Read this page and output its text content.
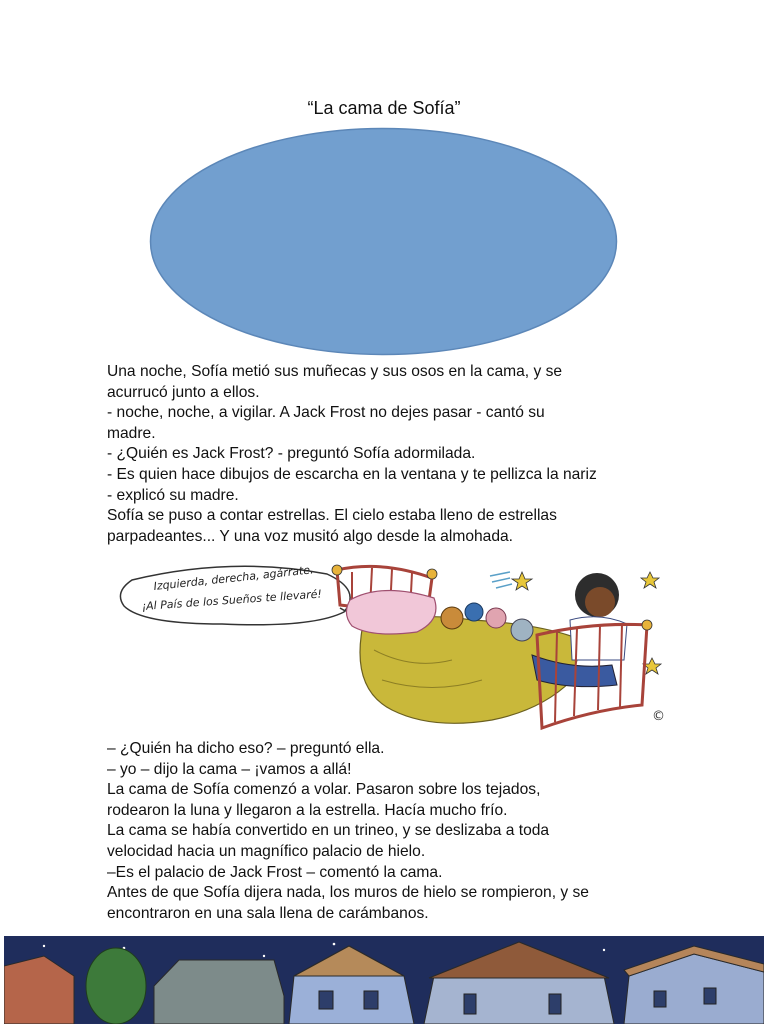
“La cama de Sofía”
Una noche, Sofía metió sus muñecas y sus osos en la cama, y se
acurrucó junto a ellos.
- noche, noche, a vigilar. A Jack Frost no dejes pasar - cantó su
madre.
- ¿Quién es Jack Frost? - preguntó Sofía adormilada.
- Es quien hace dibujos de escarcha en la ventana y te pellizca la nariz
- explicó su madre.
Sofía se puso a contar estrellas. El cielo estaba lleno de estrellas
parpadeantes... Y una voz musitó algo desde la almohada.
Izquierda, derecha, agárrate.
¡Al País de los Sueños te llevaré!
©
– ¿Quién ha dicho eso? – preguntó ella.
– yo – dijo la cama – ¡vamos a allá!
La cama de Sofía comenzó a volar. Pasaron sobre los tejados,
rodearon la luna y llegaron a la estrella. Hacía mucho frío.
La cama se había convertido en un trineo, y se deslizaba a toda
velocidad hacia un magnífico palacio de hielo.
–Es el palacio de Jack Frost – comentó la cama.
Antes de que Sofía dijera nada, los muros de hielo se rompieron, y se
encontraron en una sala llena de carámbanos.
